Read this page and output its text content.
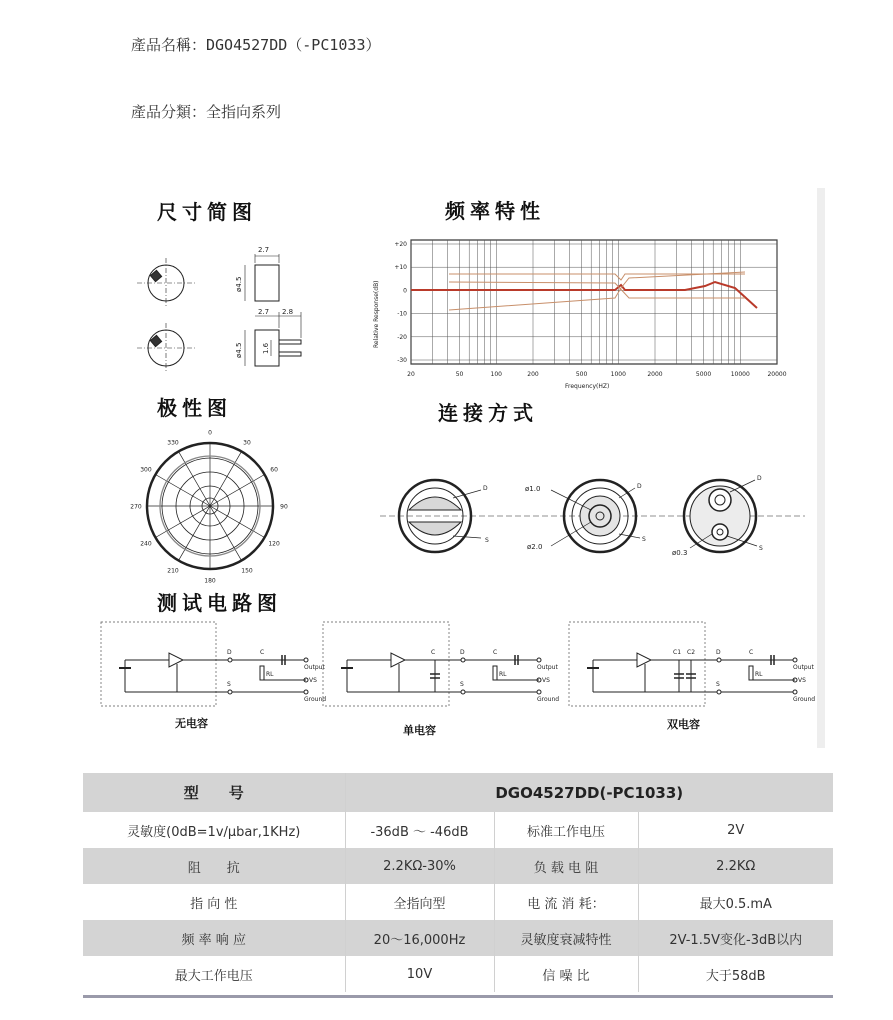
產品名稱：DGO4527DD（-PC1033）
產品分類：全指向系列
尺寸简图	频率特性
极性图	连接方式
测试电路图
2.7
ø4.5
2.7 2.8
ø4.5	1.6
+20
+10
0
-10
-20
-30
20	50	100	200	500	1000	2000	5000	10000	20000
Relative Response(dB)
Frequency(HZ)
0
30
60
90
120
150
180
210
240
270
300
330
D
S
ø1.0
ø2.0
D
S
D
S
ø0.3
D
S
RL
C
Output
VS
Ground
C	D
S
RL
C
Output
VS
Ground
C1 C2	D
S
RL
C
Output
VS
Ground
无电容
单电容	双电容
型　　号	DGO4527DD(-PC1033)		
灵敏度(0dB=1v/μbar,1KHz)	-36dB ～ -46dB	标准工作电压	2V
阻　　抗	2.2KΩ-30%	负 载 电 阻	2.2KΩ
指 向 性	全指向型	电 流 消 耗：	最大0.5.mA
频 率 响 应	20～16,000Hz	灵敏度衰减特性	2V-1.5V变化-3dB以内
最大工作电压	10V	信 噪 比	大于58dB
